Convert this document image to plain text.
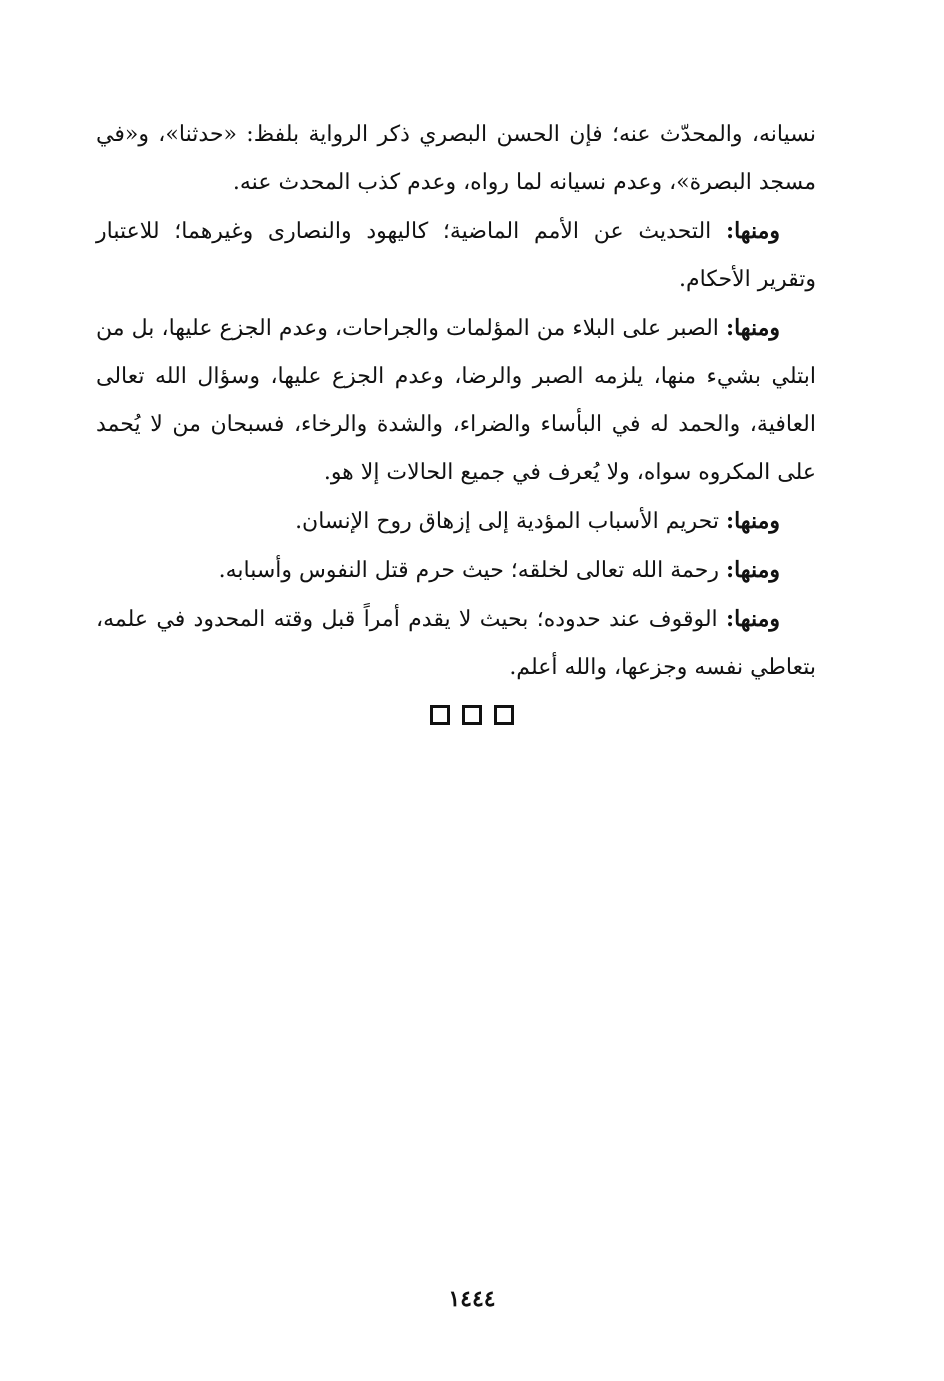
نسيانه، والمحدّث عنه؛ فإن الحسن البصري ذكر الرواية بلفظ: «حدثنا»، و«في مسجد البصرة»، وعدم نسيانه لما رواه، وعدم كذب المحدث عنه.

ومنها: التحديث عن الأمم الماضية؛ كاليهود والنصارى وغيرهما؛ للاعتبار وتقرير الأحكام.

ومنها: الصبر على البلاء من المؤلمات والجراحات، وعدم الجزع عليها، بل من ابتلي بشيء منها، يلزمه الصبر والرضا، وعدم الجزع عليها، وسؤال الله تعالى العافية، والحمد له في البأساء والضراء، والشدة والرخاء، فسبحان من لا يُحمد على المكروه سواه، ولا يُعرف في جميع الحالات إلا هو.

ومنها: تحريم الأسباب المؤدية إلى إزهاق روح الإنسان.

ومنها: رحمة الله تعالى لخلقه؛ حيث حرم قتل النفوس وأسبابه.

ومنها: الوقوف عند حدوده؛ بحيث لا يقدم أمراً قبل وقته المحدود في علمه، بتعاطي نفسه وجزعها، والله أعلم.

١٤٤٤
